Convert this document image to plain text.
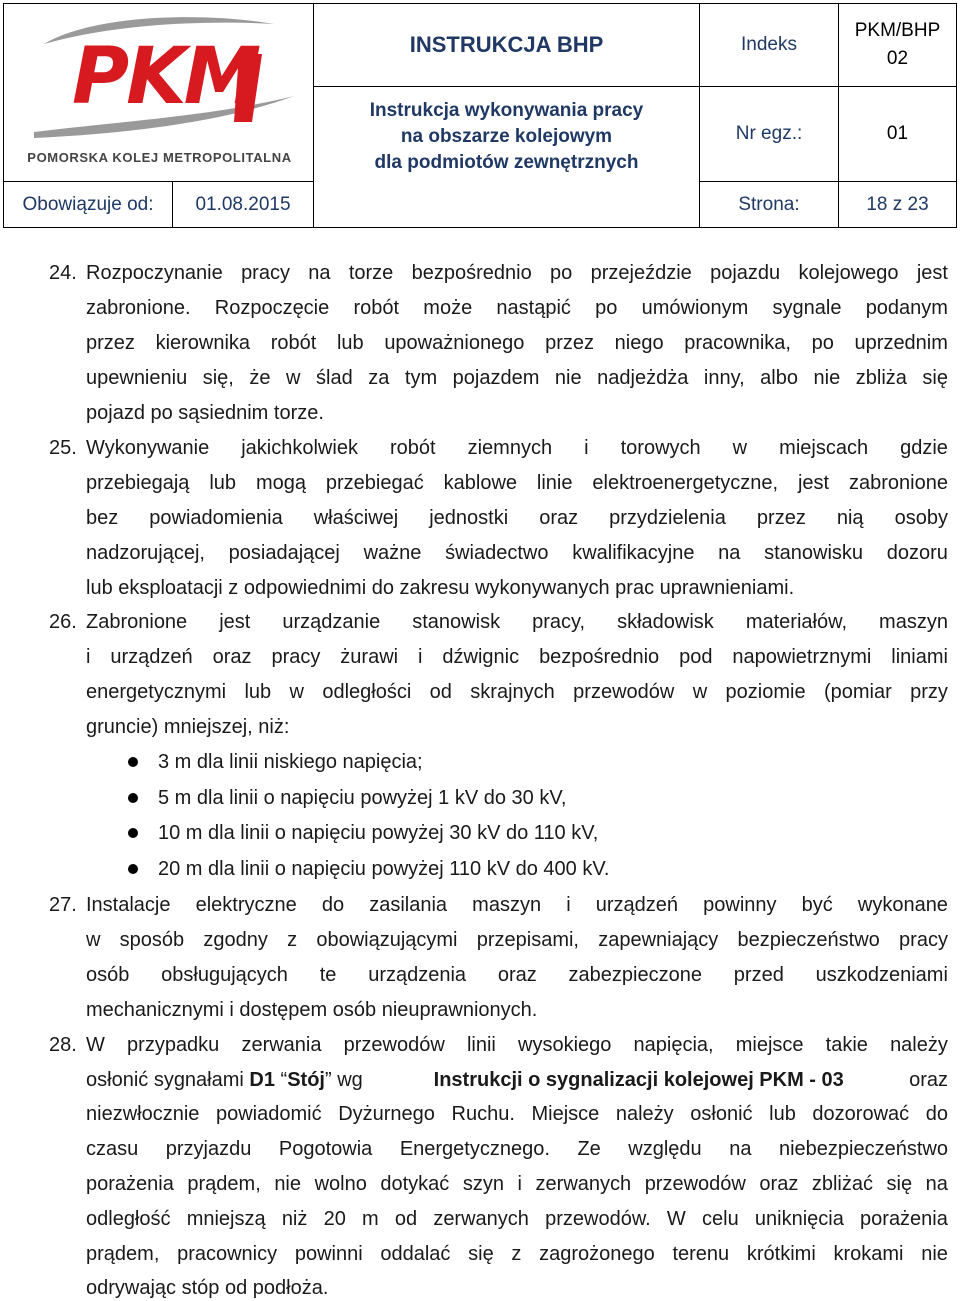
PKM
POMORSKA KOLEJ METROPOLITALNA
INSTRUKCJA BHP
Instrukcja wykonywania pracy
na obszarze kolejowym
dla podmiotów zewnętrznych
Indeks
PKM/BHP
02
Nr egz.:	01
Obowiązuje od: 01.08.2015	Strona:	18 z 23
24. Rozpoczynanie pracy na torze bezpośrednio po przejeździe pojazdu kolejowego jest
zabronione. Rozpoczęcie robót może nastąpić po umówionym sygnale podanym
przez kierownika robót lub upoważnionego przez niego pracownika, po uprzednim
upewnieniu się, że w ślad za tym pojazdem nie nadjeżdża inny, albo nie zbliża się
pojazd po sąsiednim torze.
25. Wykonywanie jakichkolwiek robót ziemnych i torowych w miejscach gdzie
przebiegają lub mogą przebiegać kablowe linie elektroenergetyczne, jest zabronione
bez powiadomienia właściwej jednostki oraz przydzielenia przez nią osoby
nadzorującej, posiadającej ważne świadectwo kwalifikacyjne na stanowisku dozoru
lub eksploatacji z odpowiednimi do zakresu wykonywanych prac uprawnieniami.
26. Zabronione jest urządzanie stanowisk pracy, składowisk materiałów, maszyn
i urządzeń oraz pracy żurawi i dźwignic bezpośrednio pod napowietrznymi liniami
energetycznymi lub w odległości od skrajnych przewodów w poziomie (pomiar przy
gruncie) mniejszej, niż:
3 m dla linii niskiego napięcia;
5 m dla linii o napięciu powyżej 1 kV do 30 kV,
10 m dla linii o napięciu powyżej 30 kV do 110 kV,
20 m dla linii o napięciu powyżej 110 kV do 400 kV.
27. Instalacje elektryczne do zasilania maszyn i urządzeń powinny być wykonane
w sposób zgodny z obowiązującymi przepisami, zapewniający bezpieczeństwo pracy
osób obsługujących te urządzenia oraz zabezpieczone przed uszkodzeniami
mechanicznymi i dostępem osób nieuprawnionych.
28. W przypadku zerwania przewodów linii wysokiego napięcia, miejsce takie należy
osłonić sygnałami D1 “Stój” wg	Instrukcji o sygnalizacji kolejowej PKM - 03	oraz
niezwłocznie powiadomić Dyżurnego Ruchu. Miejsce należy osłonić lub dozorować do
czasu przyjazdu Pogotowia Energetycznego. Ze względu na niebezpieczeństwo
porażenia prądem, nie wolno dotykać szyn i zerwanych przewodów oraz zbliżać się na
odległość mniejszą niż 20 m od zerwanych przewodów. W celu uniknięcia porażenia
prądem, pracownicy powinni oddalać się z zagrożonego terenu krótkimi krokami nie
odrywając stóp od podłoża.
